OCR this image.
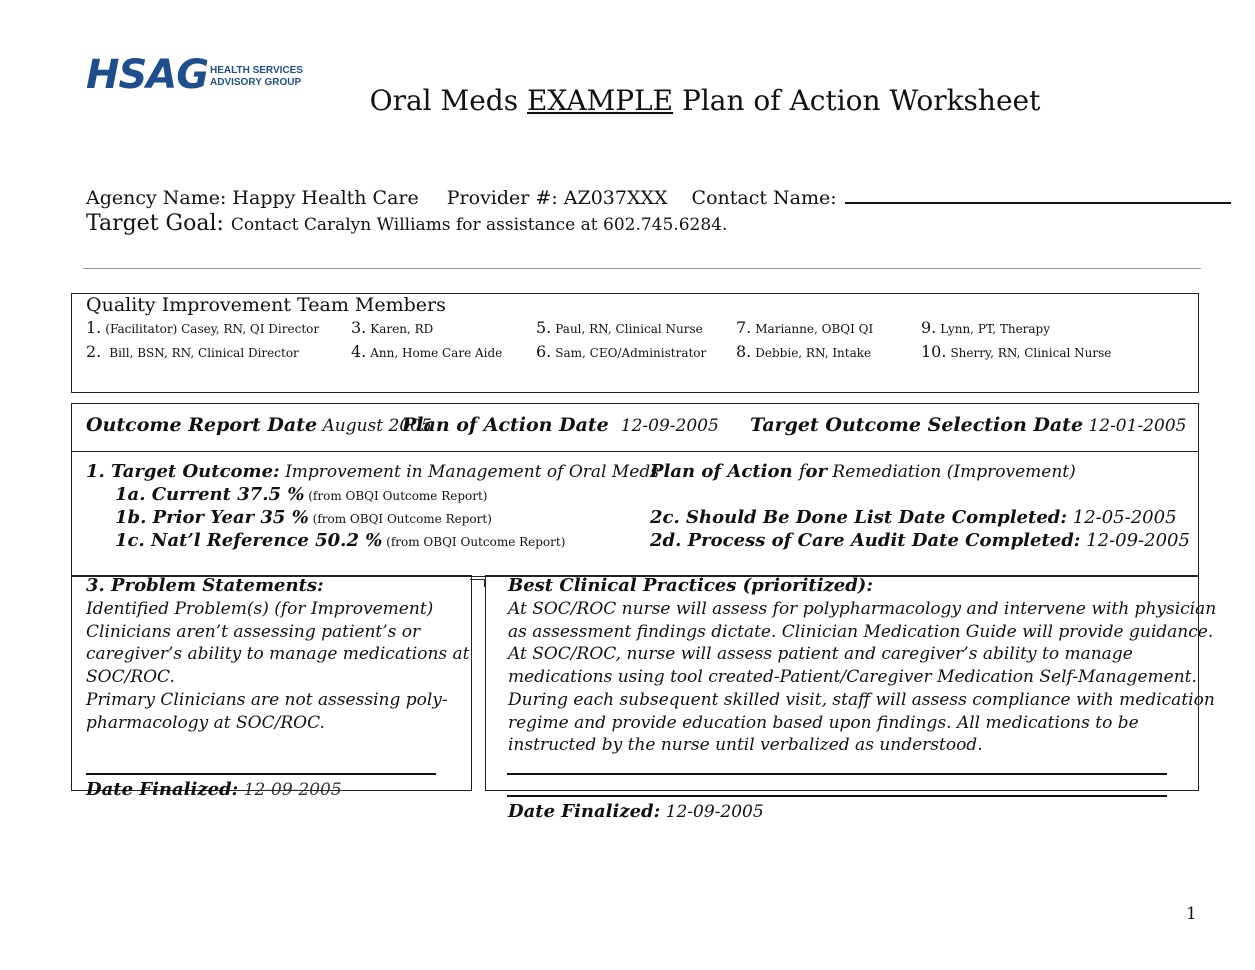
HSAG HEALTH SERVICES
ADVISORY GROUP
Oral Meds EXAMPLE Plan of Action Worksheet
Agency Name: Happy Health Care Provider #: AZ037XXX Contact Name:
Target Goal: Contact Caralyn Williams for assistance at 602.745.6284.
Quality Improvement Team Members
1. (Facilitator) Casey, RN, QI Director
2. Bill, BSN, RN, Clinical Director
3. Karen, RD
4. Ann, Home Care Aide
5. Paul, RN, Clinical Nurse
6. Sam, CEO/Administrator
7. Marianne, OBQI QI
8. Debbie, RN, Intake
9. Lynn, PT, Therapy
10. Sherry, RN, Clinical Nurse
Outcome Report Date August 2005
Plan of Action Date 12-09-2005 Target Outcome Selection Date 12-01-2005
1. Target Outcome: Improvement in Management of Oral Meds
1a. Current 37.5 % (from OBQI Outcome Report)
1b. Prior Year 35 % (from OBQI Outcome Report)
1c. Nat’l Reference 50.2 % (from OBQI Outcome Report)
Plan of Action for Remediation (Improvement)
2c. Should Be Done List Date Completed: 12-05-2005
2d. Process of Care Audit Date Completed: 12-09-2005
3. Problem Statements:
Identified Problem(s) (for Improvement)
Clinicians aren’t assessing patient’s or
caregiver’s ability to manage medications at
SOC/ROC.
Primary Clinicians are not assessing poly-
pharmacology at SOC/ROC.
Date Finalized: 12-09-2005
Best Clinical Practices (prioritized):
At SOC/ROC nurse will assess for polypharmacology and intervene with physician
as assessment findings dictate. Clinician Medication Guide will provide guidance.
At SOC/ROC, nurse will assess patient and caregiver’s ability to manage
medications using tool created-Patient/Caregiver Medication Self-Management.
During each subsequent skilled visit, staff will assess compliance with medication
regime and provide education based upon findings. All medications to be
instructed by the nurse until verbalized as understood.
Date Finalized: 12-09-2005
1
